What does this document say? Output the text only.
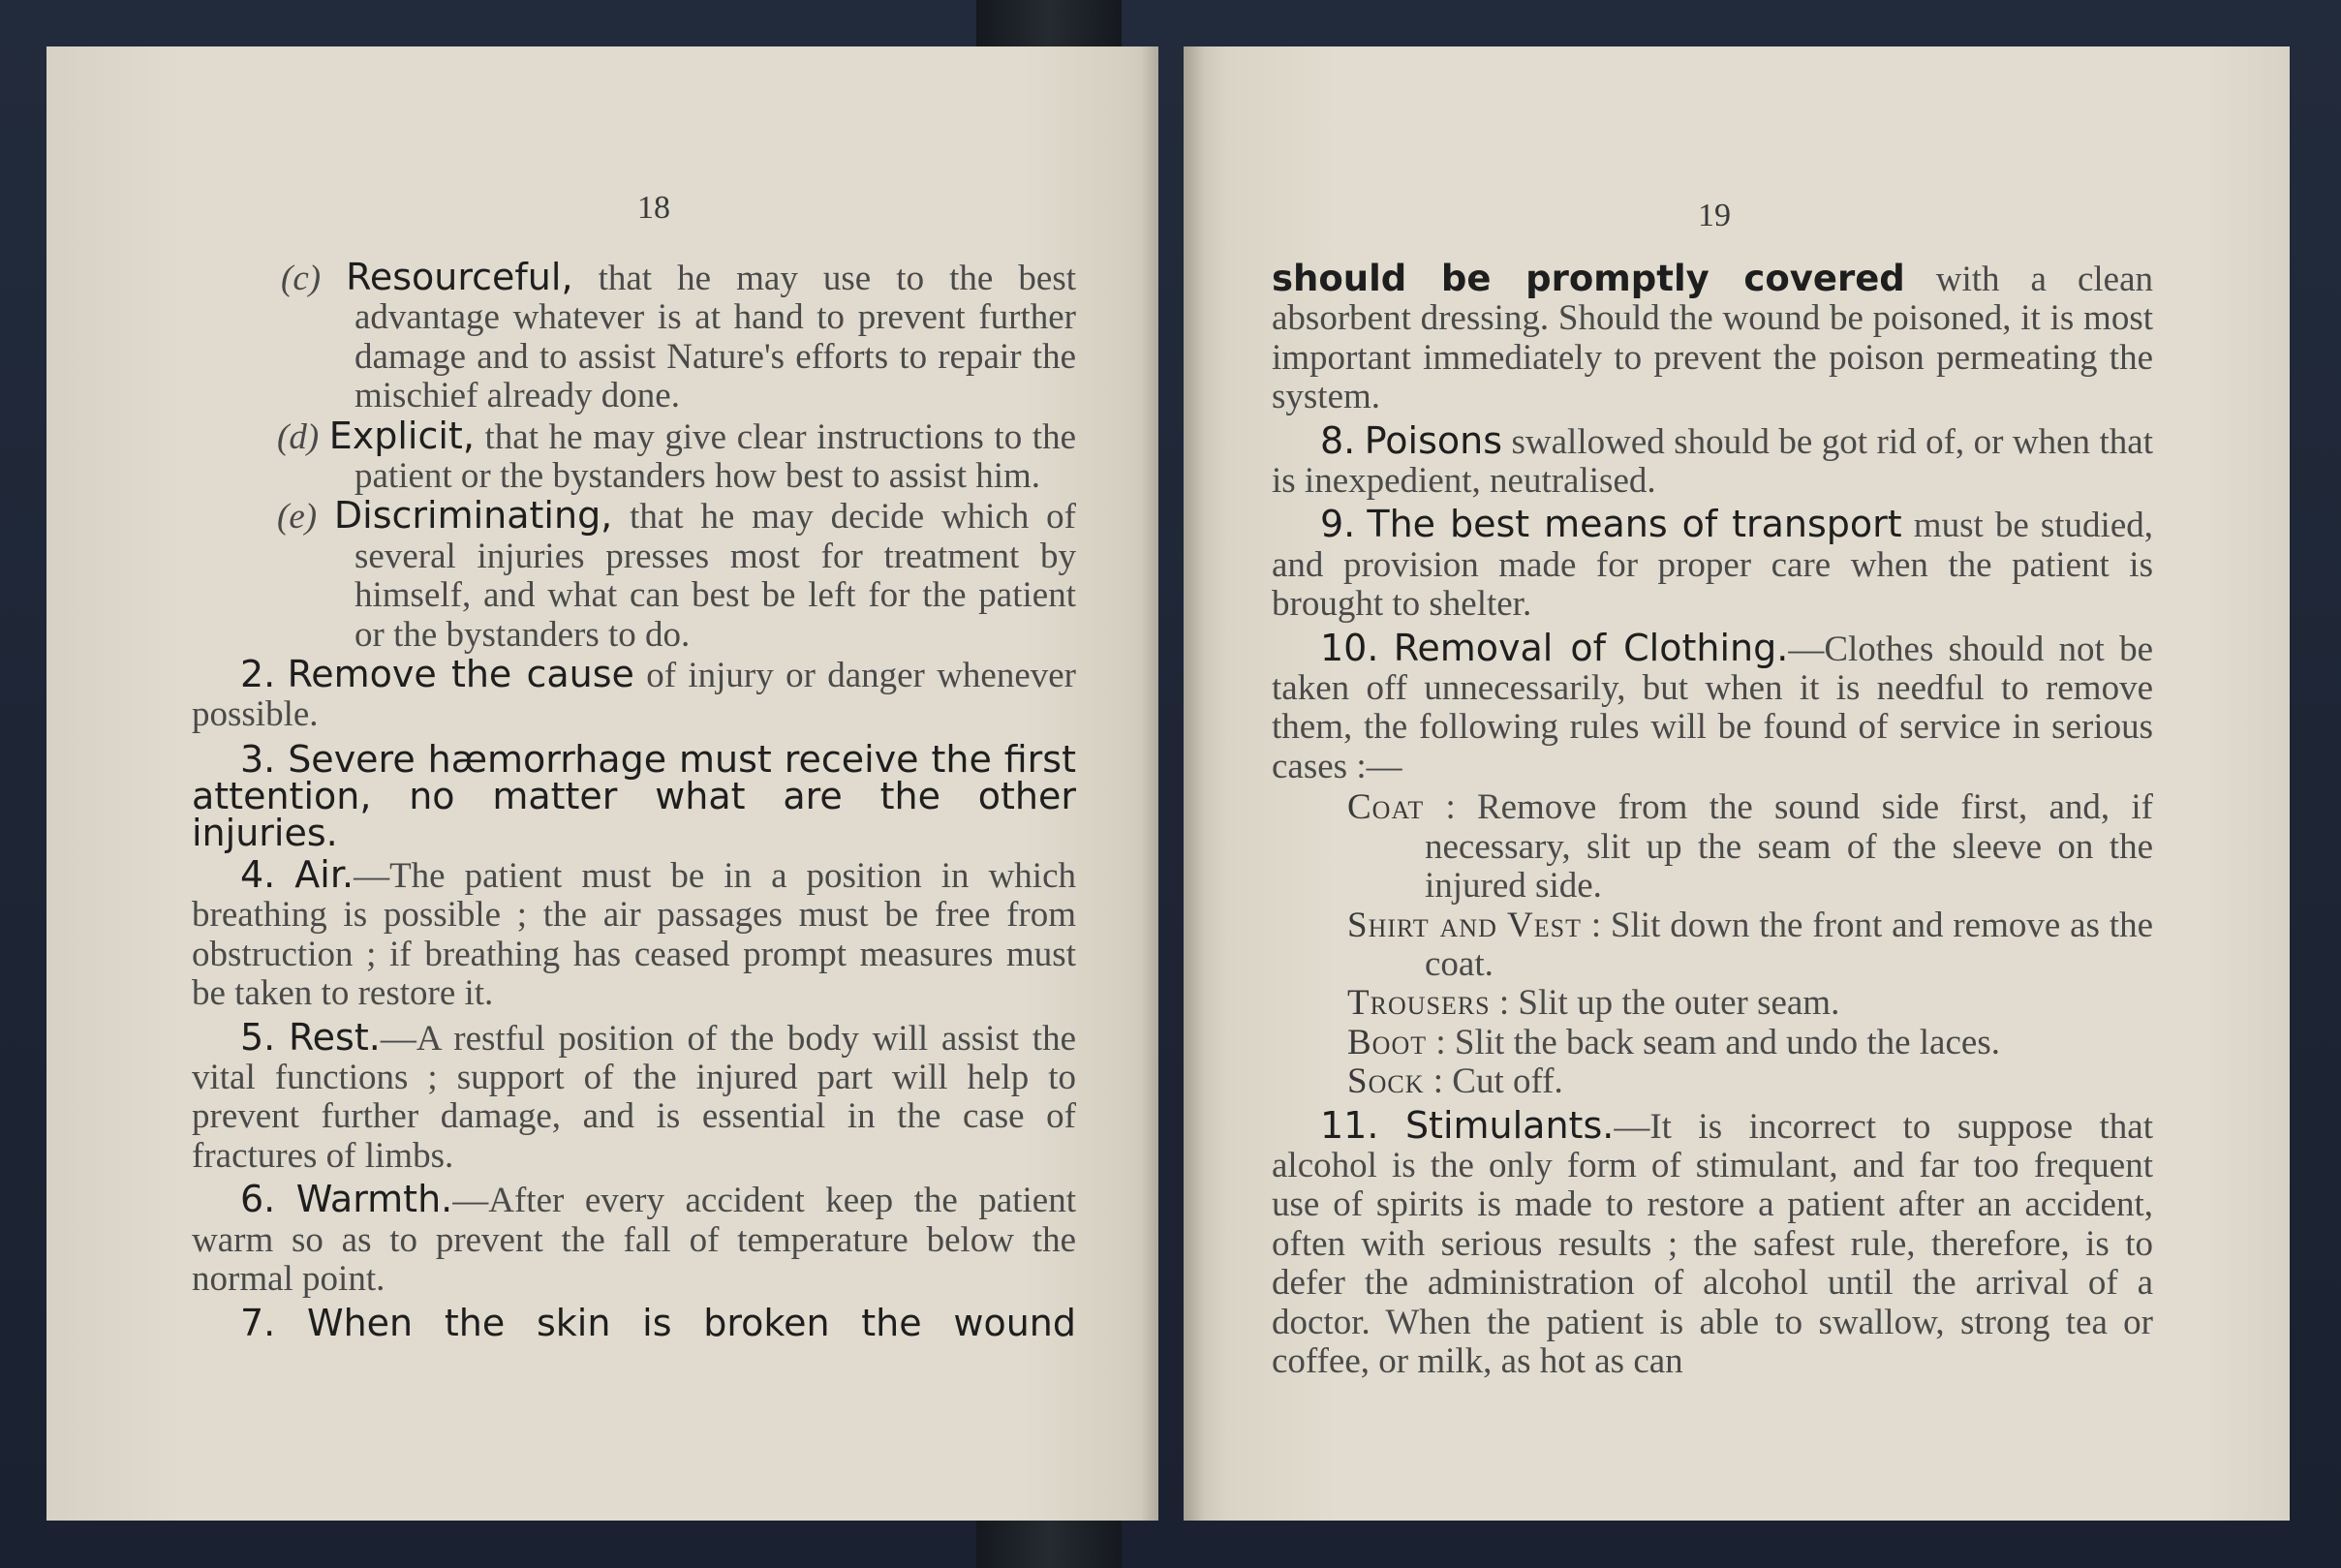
18

(c) Resourceful, that he may use to the best advantage whatever is at hand to prevent further damage and to assist Nature's efforts to repair the mischief already done.

(d) Explicit, that he may give clear instructions to the patient or the bystanders how best to assist him.

(e) Discriminating, that he may decide which of several injuries presses most for treatment by himself, and what can best be left for the patient or the bystanders to do.

2. Remove the cause of injury or danger whenever possible.

3. Severe hæmorrhage must receive the first attention, no matter what are the other injuries.

4. Air.—The patient must be in a position in which breathing is possible ; the air passages must be free from obstruction ; if breathing has ceased prompt measures must be taken to restore it.

5. Rest.—A restful position of the body will assist the vital functions ; support of the injured part will help to prevent further damage, and is essential in the case of fractures of limbs.

6. Warmth.—After every accident keep the patient warm so as to prevent the fall of temperature below the normal point.

7. When the skin is broken the wound

19

should be promptly covered with a clean absorbent dressing. Should the wound be poisoned, it is most important immediately to prevent the poison permeating the system.

8. Poisons swallowed should be got rid of, or when that is inexpedient, neutralised.

9. The best means of transport must be studied, and provision made for proper care when the patient is brought to shelter.

10. Removal of Clothing.—Clothes should not be taken off unnecessarily, but when it is needful to remove them, the following rules will be found of service in serious cases :—

Coat : Remove from the sound side first, and, if necessary, slit up the seam of the sleeve on the injured side.

Shirt and Vest : Slit down the front and remove as the coat.

Trousers : Slit up the outer seam.

Boot : Slit the back seam and undo the laces.

Sock : Cut off.

11. Stimulants.—It is incorrect to suppose that alcohol is the only form of stimulant, and far too frequent use of spirits is made to restore a patient after an accident, often with serious results ; the safest rule, therefore, is to defer the administration of alcohol until the arrival of a doctor. When the patient is able to swallow, strong tea or coffee, or milk, as hot as can
